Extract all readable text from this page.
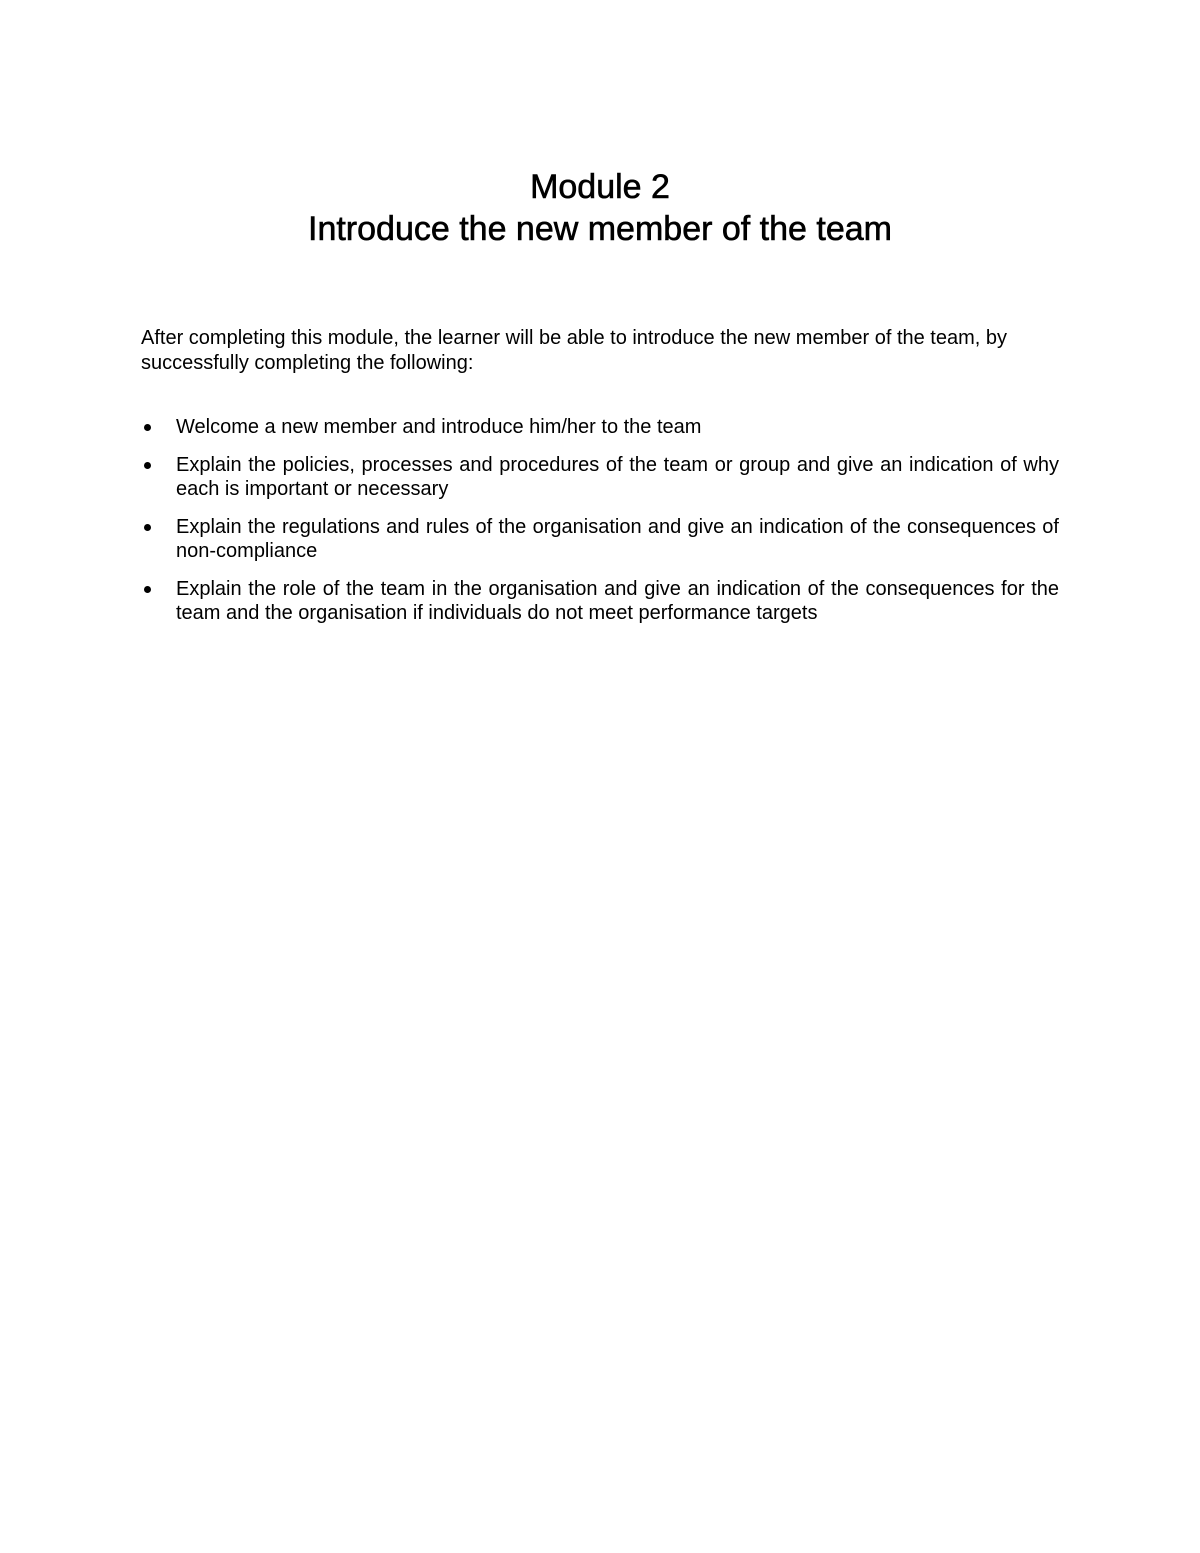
Module 2
Introduce the new member of the team

After completing this module, the learner will be able to introduce the new member of the team, by successfully completing the following:

Welcome a new member and introduce him/her to the team
Explain the policies, processes and procedures of the team or group and give an indication of why each is important or necessary
Explain the regulations and rules of the organisation and give an indication of the consequences of non-compliance
Explain the role of the team in the organisation and give an indication of the consequences for the team and the organisation if individuals do not meet performance targets
